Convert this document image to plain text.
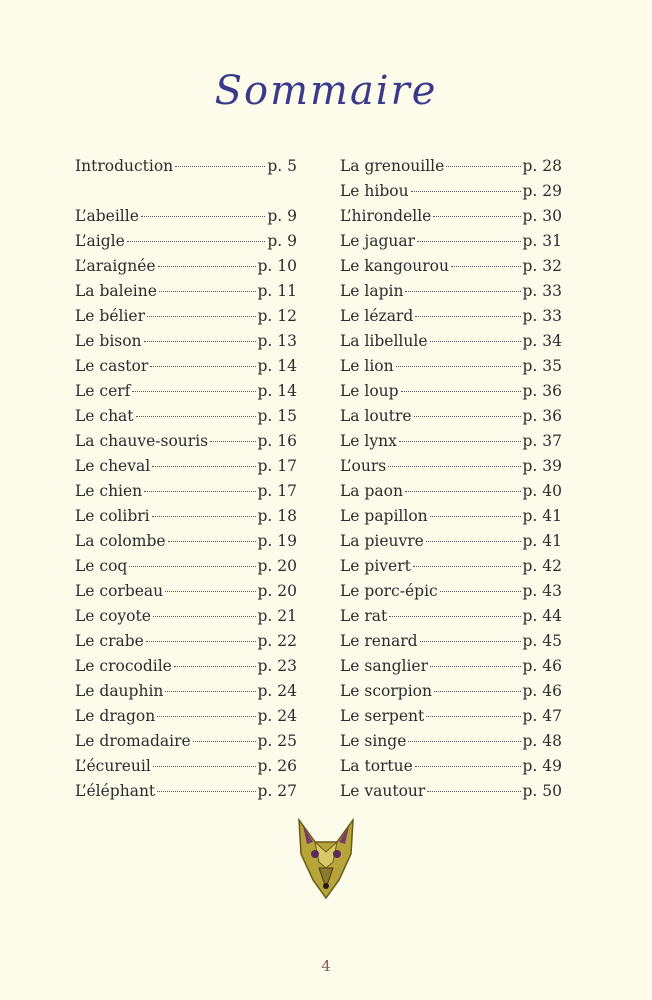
Sommaire
Introduction	p. 5
L’abeille	p. 9
L’aigle	p. 9
L’araignée	p. 10
La baleine	p. 11
Le bélier	p. 12
Le bison	p. 13
Le castor	p. 14
Le cerf	p. 14
Le chat	p. 15
La chauve-souris	p. 16
Le cheval	p. 17
Le chien	p. 17
Le colibri	p. 18
La colombe	p. 19
Le coq	p. 20
Le corbeau	p. 20
Le coyote	p. 21
Le crabe	p. 22
Le crocodile	p. 23
Le dauphin	p. 24
Le dragon	p. 24
Le dromadaire	p. 25
L’écureuil	p. 26
L’éléphant	p. 27
La grenouille	p. 28
Le hibou	p. 29
L’hirondelle	p. 30
Le jaguar	p. 31
Le kangourou	p. 32
Le lapin	p. 33
Le lézard	p. 33
La libellule	p. 34
Le lion	p. 35
Le loup	p. 36
La loutre	p. 36
Le lynx	p. 37
L’ours	p. 39
La paon	p. 40
Le papillon	p. 41
La pieuvre	p. 41
Le pivert	p. 42
Le porc-épic	p. 43
Le rat	p. 44
Le renard	p. 45
Le sanglier	p. 46
Le scorpion	p. 46
Le serpent	p. 47
Le singe	p. 48
La tortue	p. 49
Le vautour	p. 50
4
